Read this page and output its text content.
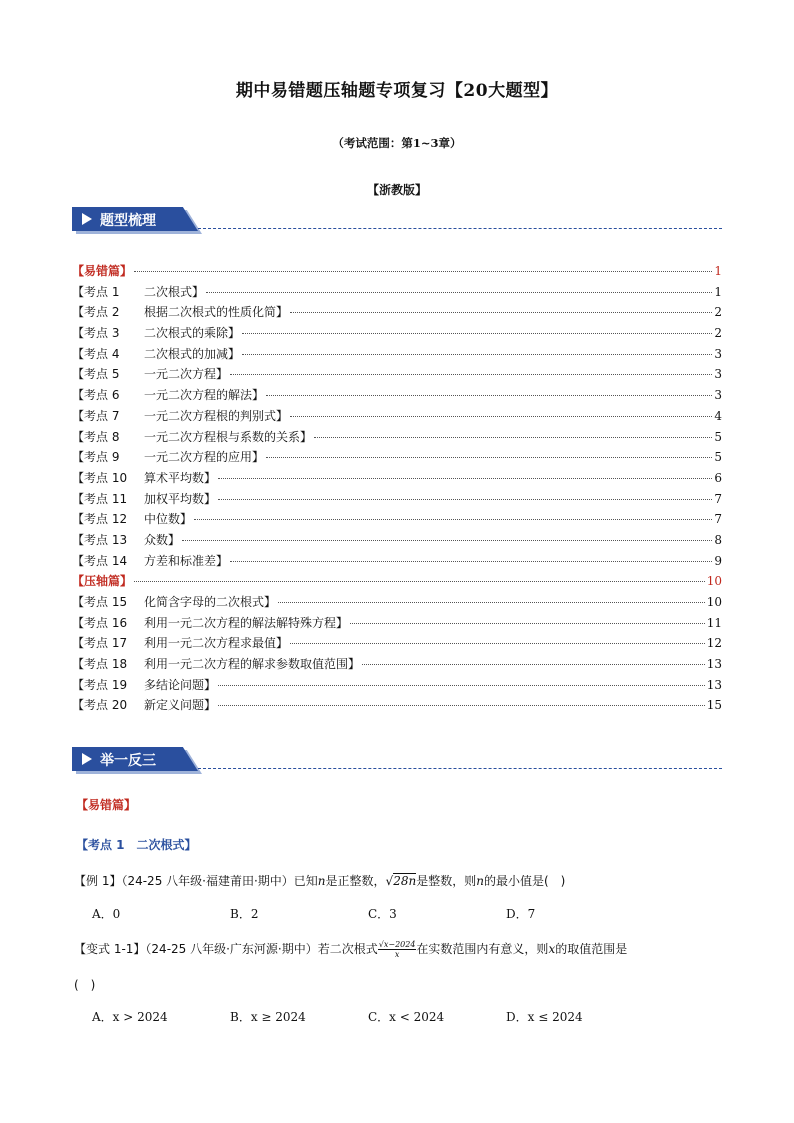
期中易错题压轴题专项复习【20大题型】
（考试范围：第1~3章）
【浙教版】
题型梳理
【易错篇】	1
【考点 1 二次根式】	1
【考点 2 根据二次根式的性质化简】	2
【考点 3 二次根式的乘除】	2
【考点 4 二次根式的加减】	3
【考点 5 一元二次方程】	3
【考点 6 一元二次方程的解法】	3
【考点 7 一元二次方程根的判别式】	4
【考点 8 一元二次方程根与系数的关系】	5
【考点 9 一元二次方程的应用】	5
【考点 10 算术平均数】	6
【考点 11 加权平均数】	7
【考点 12 中位数】	7
【考点 13 众数】	8
【考点 14 方差和标准差】	9
【压轴篇】	10
【考点 15 化简含字母的二次根式】	10
【考点 16 利用一元二次方程的解法解特殊方程】	11
【考点 17 利用一元二次方程求最值】	12
【考点 18 利用一元二次方程的解求参数取值范围】	13
【考点 19 多结论问题】	13
【考点 20 新定义问题】	15
举一反三
【易错篇】
【考点 1　二次根式】
【例 1】（24-25 八年级·福建莆田·期中）已知n是正整数，√28n是整数，则n的最小值是(　)
A．0	B．2	C．3	D．7
【变式 1-1】（24-25 八年级·广东河源·期中）若二次根式 $\frac{√x-2024}{x}$ 在实数范围内有意义，则x的取值范围是
(　)
A．x > 2024	B．x ≥ 2024	C．x < 2024	D．x ≤ 2024
